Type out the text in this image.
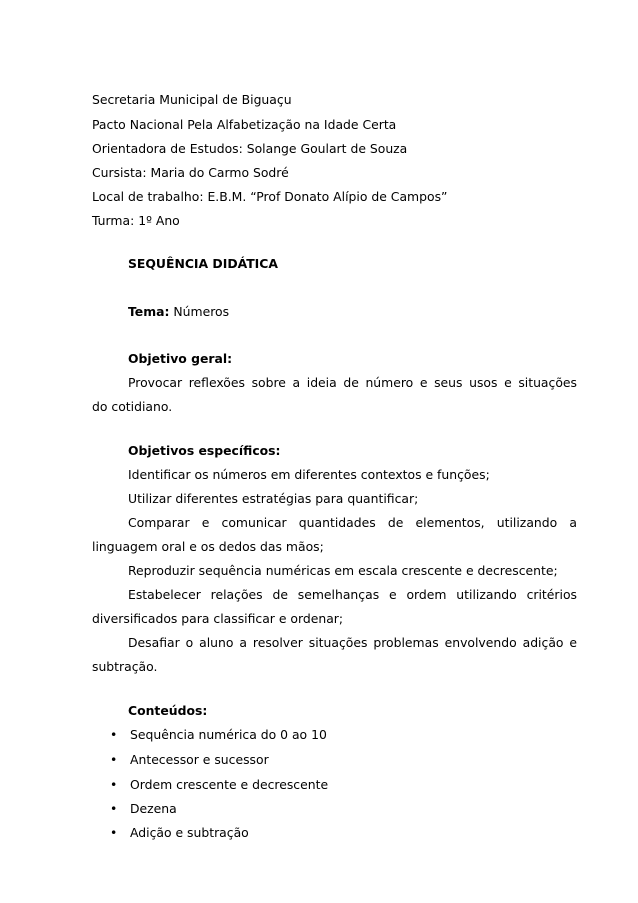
Secretaria Municipal de Biguaçu
Pacto Nacional Pela Alfabetização na Idade Certa
Orientadora de Estudos: Solange Goulart de Souza
Cursista: Maria do Carmo Sodré
Local de trabalho: E.B.M. “Prof Donato Alípio de Campos”
Turma: 1º Ano
SEQUÊNCIA DIDÁTICA
Tema: Números
Objetivo geral:
Provocar reflexões sobre a ideia de número e seus usos e situações
do cotidiano.
Objetivos específicos:
Identificar os números em diferentes contextos e funções;
Utilizar diferentes estratégias para quantificar;
Comparar e comunicar quantidades de elementos, utilizando a
linguagem oral e os dedos das mãos;
Reproduzir sequência numéricas em escala crescente e decrescente;
Estabelecer relações de semelhanças e ordem utilizando critérios
diversificados para classificar e ordenar;
Desafiar o aluno a resolver situações problemas envolvendo adição e
subtração.
Conteúdos:
• Sequência numérica do 0 ao 10
• Antecessor e sucessor
• Ordem crescente e decrescente
• Dezena
• Adição e subtração
